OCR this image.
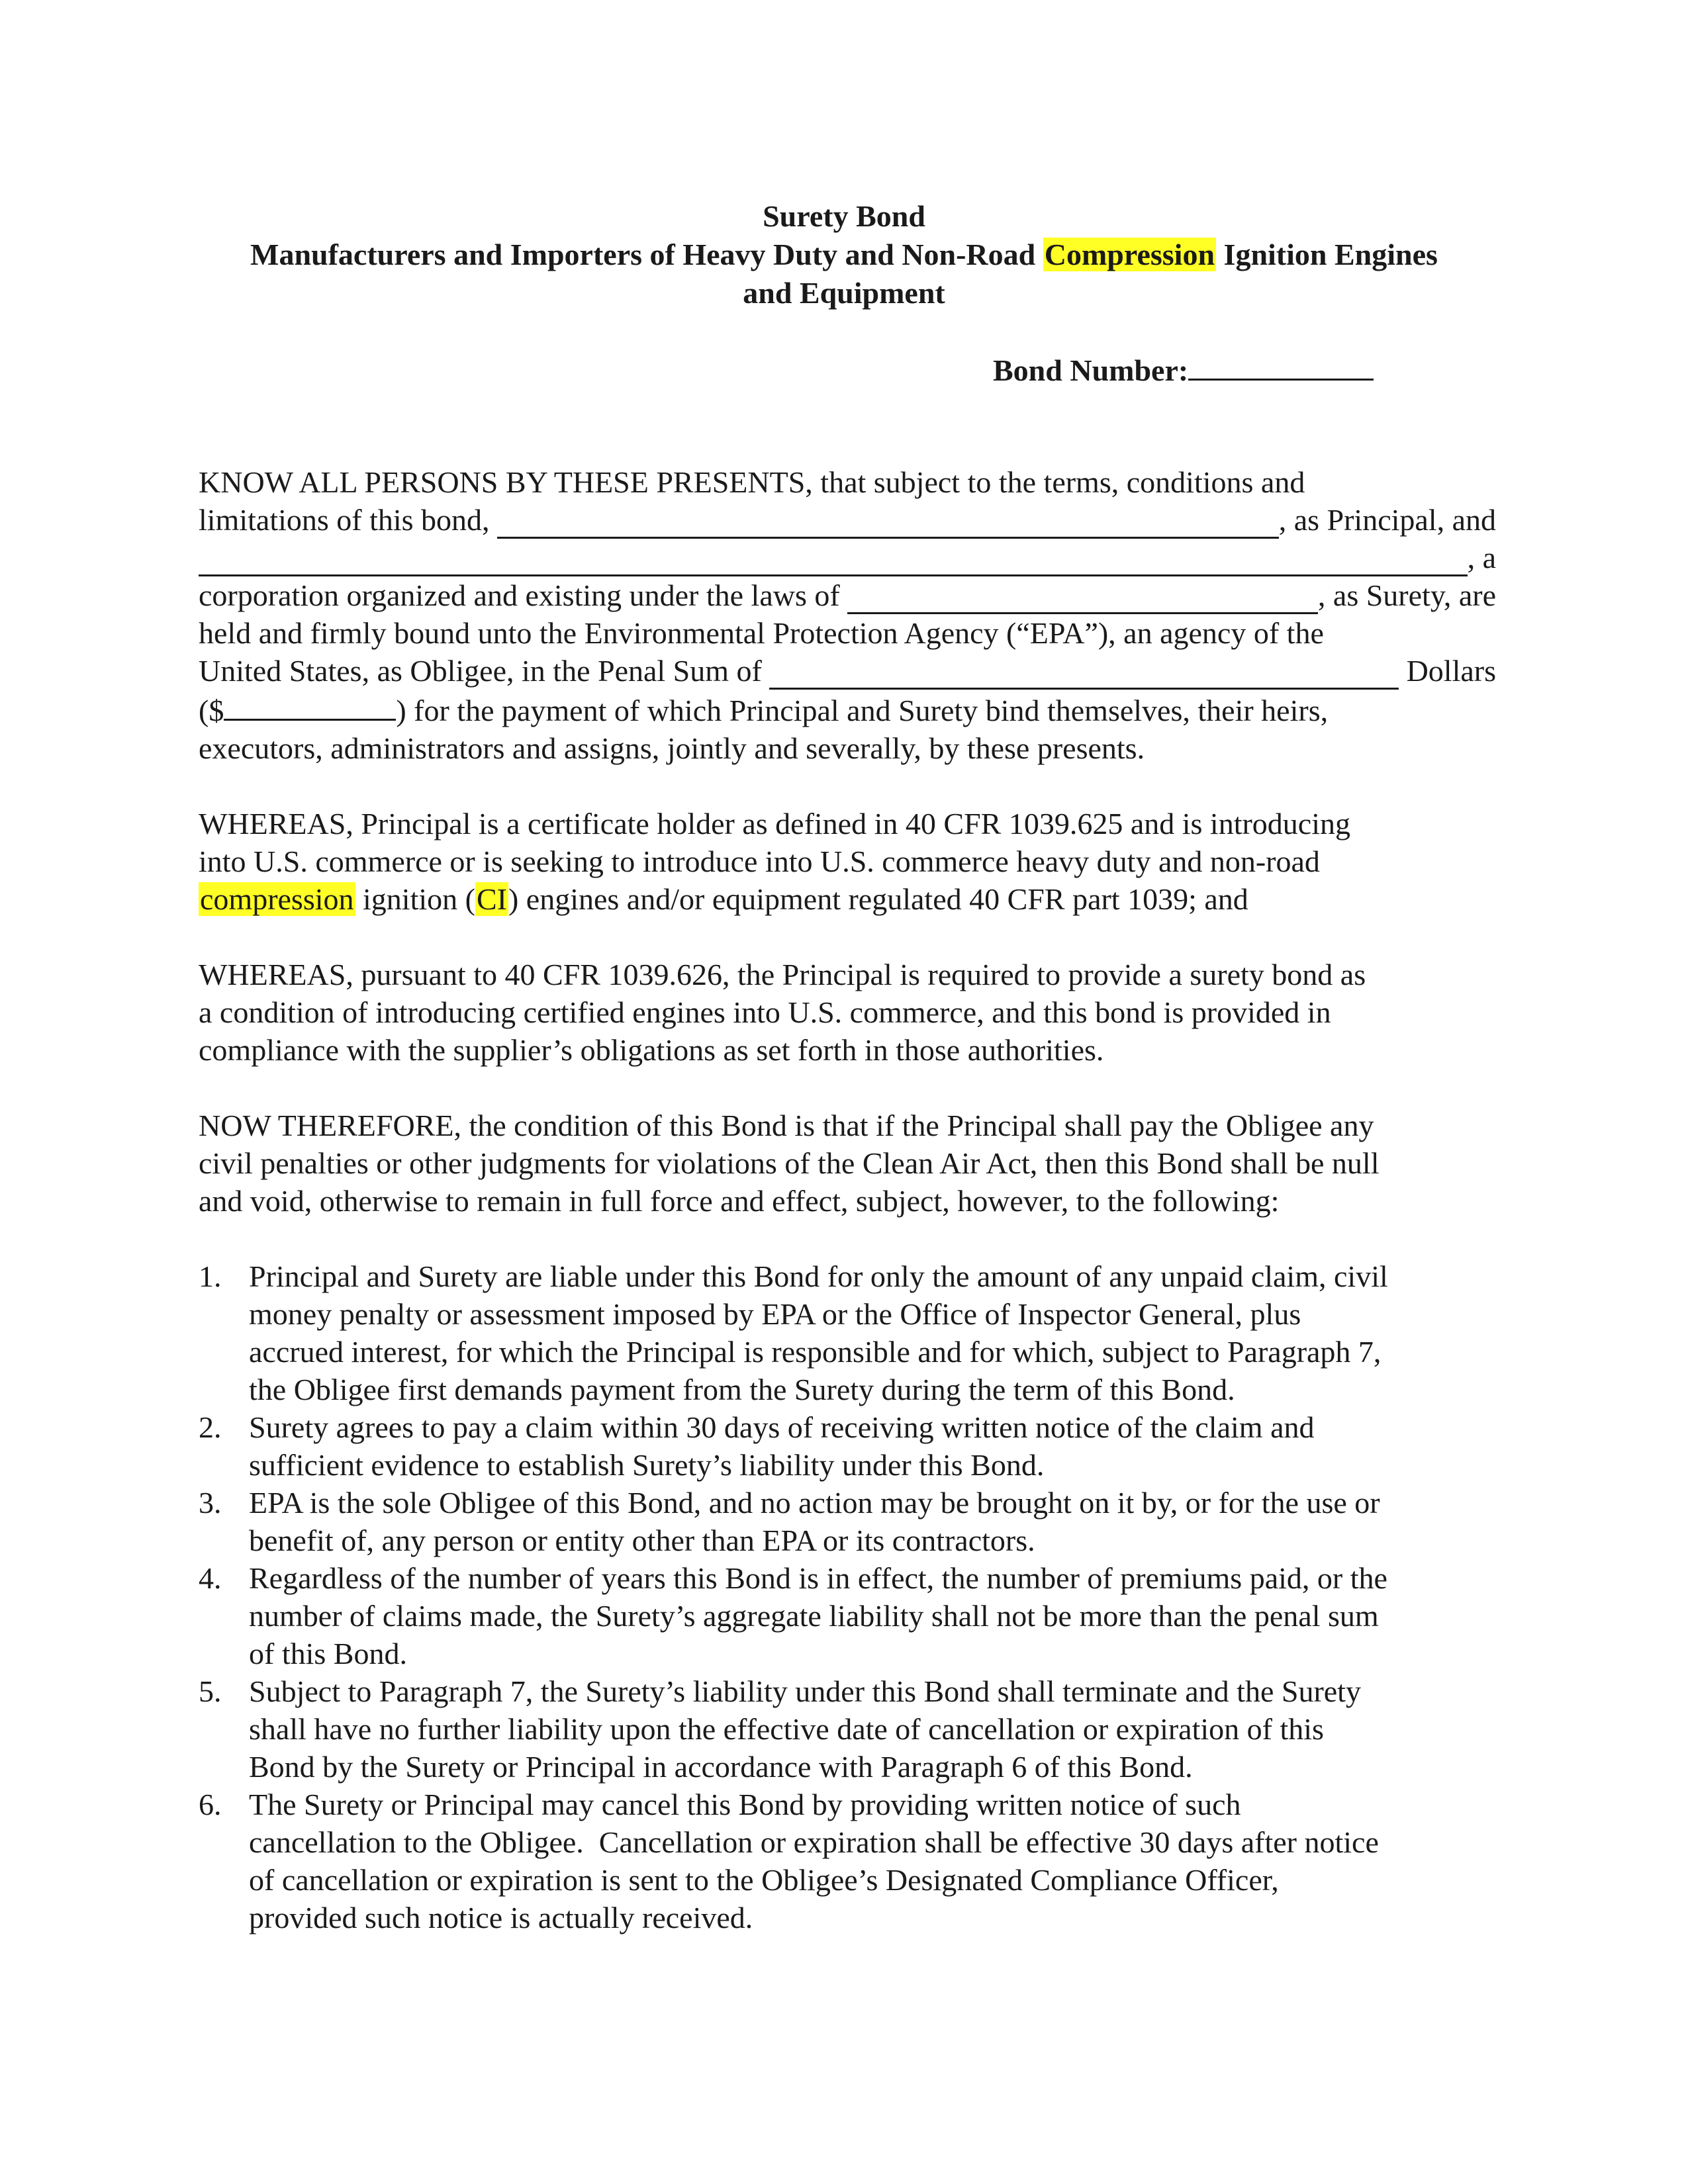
Surety Bond
Manufacturers and Importers of Heavy Duty and Non-Road Compression Ignition Engines
and Equipment
Bond Number:

KNOW ALL PERSONS BY THESE PRESENTS, that subject to the terms, conditions and
limitations of this bond,	, as Principal, and
, a
corporation organized and existing under the laws of	, as Surety, are
held and firmly bound unto the Environmental Protection Agency (“EPA”), an agency of the
United States, as Obligee, in the Penal Sum of	Dollars
($	) for the payment of which Principal and Surety bind themselves, their heirs,
executors, administrators and assigns, jointly and severally, by these presents.

WHEREAS, Principal is a certificate holder as defined in 40 CFR 1039.625 and is introducing
into U.S. commerce or is seeking to introduce into U.S. commerce heavy duty and non-road
compression ignition (CI) engines and/or equipment regulated 40 CFR part 1039; and

WHEREAS, pursuant to 40 CFR 1039.626, the Principal is required to provide a surety bond as
a condition of introducing certified engines into U.S. commerce, and this bond is provided in
compliance with the supplier’s obligations as set forth in those authorities.

NOW THEREFORE, the condition of this Bond is that if the Principal shall pay the Obligee any
civil penalties or other judgments for violations of the Clean Air Act, then this Bond shall be null
and void, otherwise to remain in full force and effect, subject, however, to the following:

1. Principal and Surety are liable under this Bond for only the amount of any unpaid claim, civil
money penalty or assessment imposed by EPA or the Office of Inspector General, plus
accrued interest, for which the Principal is responsible and for which, subject to Paragraph 7,
the Obligee first demands payment from the Surety during the term of this Bond.
2. Surety agrees to pay a claim within 30 days of receiving written notice of the claim and
sufficient evidence to establish Surety’s liability under this Bond.
3. EPA is the sole Obligee of this Bond, and no action may be brought on it by, or for the use or
benefit of, any person or entity other than EPA or its contractors.
4. Regardless of the number of years this Bond is in effect, the number of premiums paid, or the
number of claims made, the Surety’s aggregate liability shall not be more than the penal sum
of this Bond.
5. Subject to Paragraph 7, the Surety’s liability under this Bond shall terminate and the Surety
shall have no further liability upon the effective date of cancellation or expiration of this
Bond by the Surety or Principal in accordance with Paragraph 6 of this Bond.
6. The Surety or Principal may cancel this Bond by providing written notice of such
cancellation to the Obligee.  Cancellation or expiration shall be effective 30 days after notice
of cancellation or expiration is sent to the Obligee’s Designated Compliance Officer,
provided such notice is actually received.
